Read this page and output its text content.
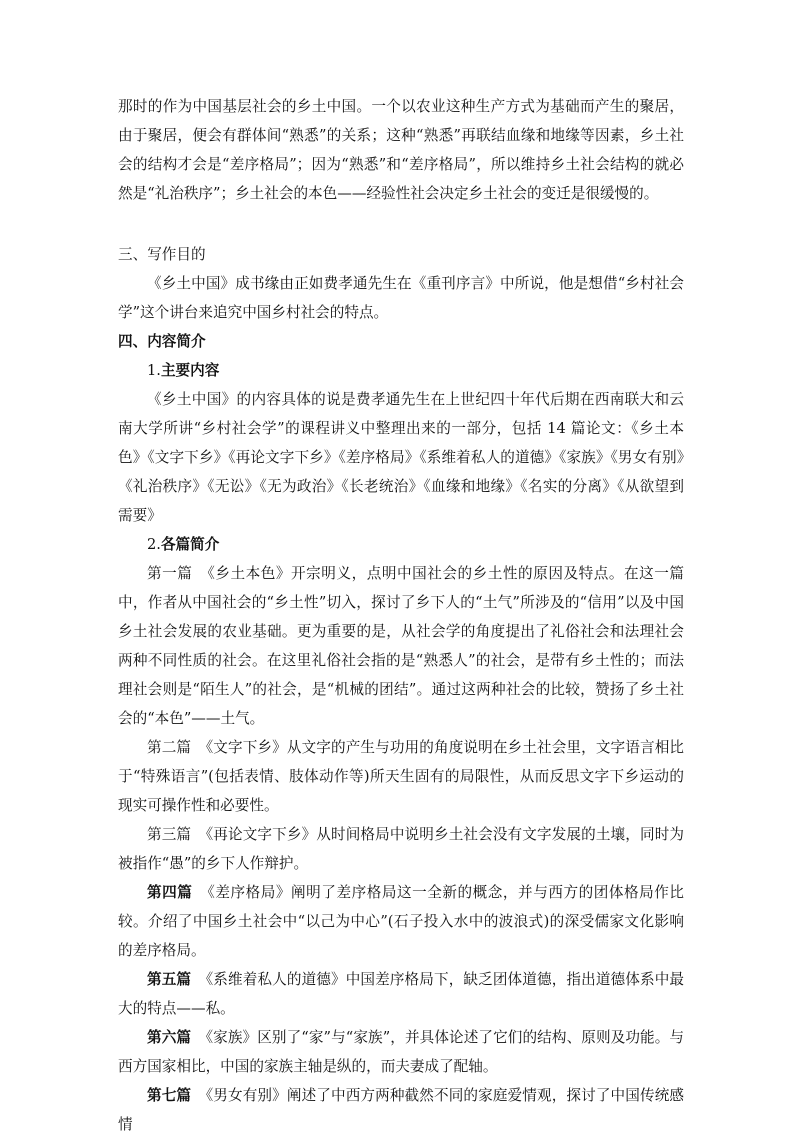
那时的作为中国基层社会的乡土中国。一个以农业这种生产方式为基础而产生的聚居，由于聚居，便会有群体间“熟悉”的关系；这种“熟悉”再联结血缘和地缘等因素，乡土社会的结构才会是“差序格局”；因为“熟悉”和“差序格局”，所以维持乡土社会结构的就必然是“礼治秩序”；乡土社会的本色——经验性社会决定乡土社会的变迁是很缓慢的。

三、写作目的

《乡土中国》成书缘由正如费孝通先生在《重刊序言》中所说，他是想借“乡村社会学”这个讲台来追究中国乡村社会的特点。

四、内容简介

1.主要内容

《乡土中国》的内容具体的说是费孝通先生在上世纪四十年代后期在西南联大和云南大学所讲“乡村社会学”的课程讲义中整理出来的一部分，包括 14 篇论文：《乡土本色》《文字下乡》《再论文字下乡》《差序格局》《系维着私人的道德》《家族》《男女有别》《礼治秩序》《无讼》《无为政治》《长老统治》《血缘和地缘》《名实的分离》《从欲望到需要》

2.各篇简介

第一篇　《乡土本色》开宗明义，点明中国社会的乡土性的原因及特点。在这一篇中，作者从中国社会的“乡土性”切入，探讨了乡下人的“土气”所涉及的“信用”以及中国乡土社会发展的农业基础。更为重要的是，从社会学的角度提出了礼俗社会和法理社会两种不同性质的社会。在这里礼俗社会指的是“熟悉人”的社会，是带有乡土性的；而法理社会则是“陌生人”的社会，是“机械的团结”。通过这两种社会的比较，赞扬了乡土社会的“本色”——土气。

第二篇　《文字下乡》从文字的产生与功用的角度说明在乡土社会里，文字语言相比于“特殊语言”(包括表情、肢体动作等)所天生固有的局限性，从而反思文字下乡运动的现实可操作性和必要性。

第三篇　《再论文字下乡》从时间格局中说明乡土社会没有文字发展的土壤，同时为被指作“愚”的乡下人作辩护。

第四篇　《差序格局》阐明了差序格局这一全新的概念，并与西方的团体格局作比较。介绍了中国乡土社会中“以己为中心”(石子投入水中的波浪式)的深受儒家文化影响的差序格局。

第五篇　《系维着私人的道德》中国差序格局下，缺乏团体道德，指出道德体系中最大的特点——私。

第六篇　《家族》区别了“家”与“家族”，并具体论述了它们的结构、原则及功能。与西方国家相比，中国的家族主轴是纵的，而夫妻成了配轴。

第七篇　《男女有别》阐述了中西方两种截然不同的家庭爱情观，探讨了中国传统感情
